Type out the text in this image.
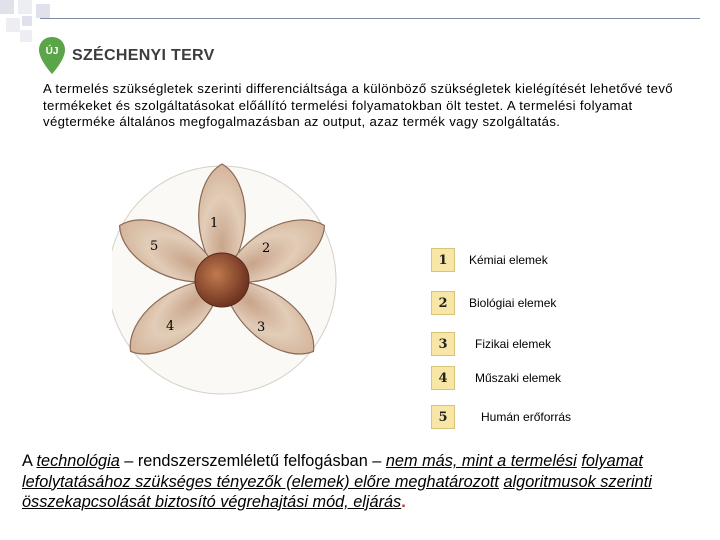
ÚJ SZÉCHENYI TERV
A termelés szükségletek szerinti differenciáltsága a különböző szükségletek kielégítését lehetővé tevő termékeket és szolgáltatásokat előállító termelési folyamatokban ölt testet. A termelési folyamat végterméke általános megfogalmazásban az output, azaz termék vagy szolgáltatás.
1
2
3
4
5
1	Kémiai elemek
2	Biológiai elemek
3	Fizikai elemek
4	Műszaki elemek
5	Humán erőforrás
A technológia – rendszerszemléletű felfogásban – nem más, mint a termelési folyamat lefolytatásához szükséges tényezők (elemek) előre meghatározott algoritmusok szerinti összekapcsolását biztosító végrehajtási mód, eljárás.
